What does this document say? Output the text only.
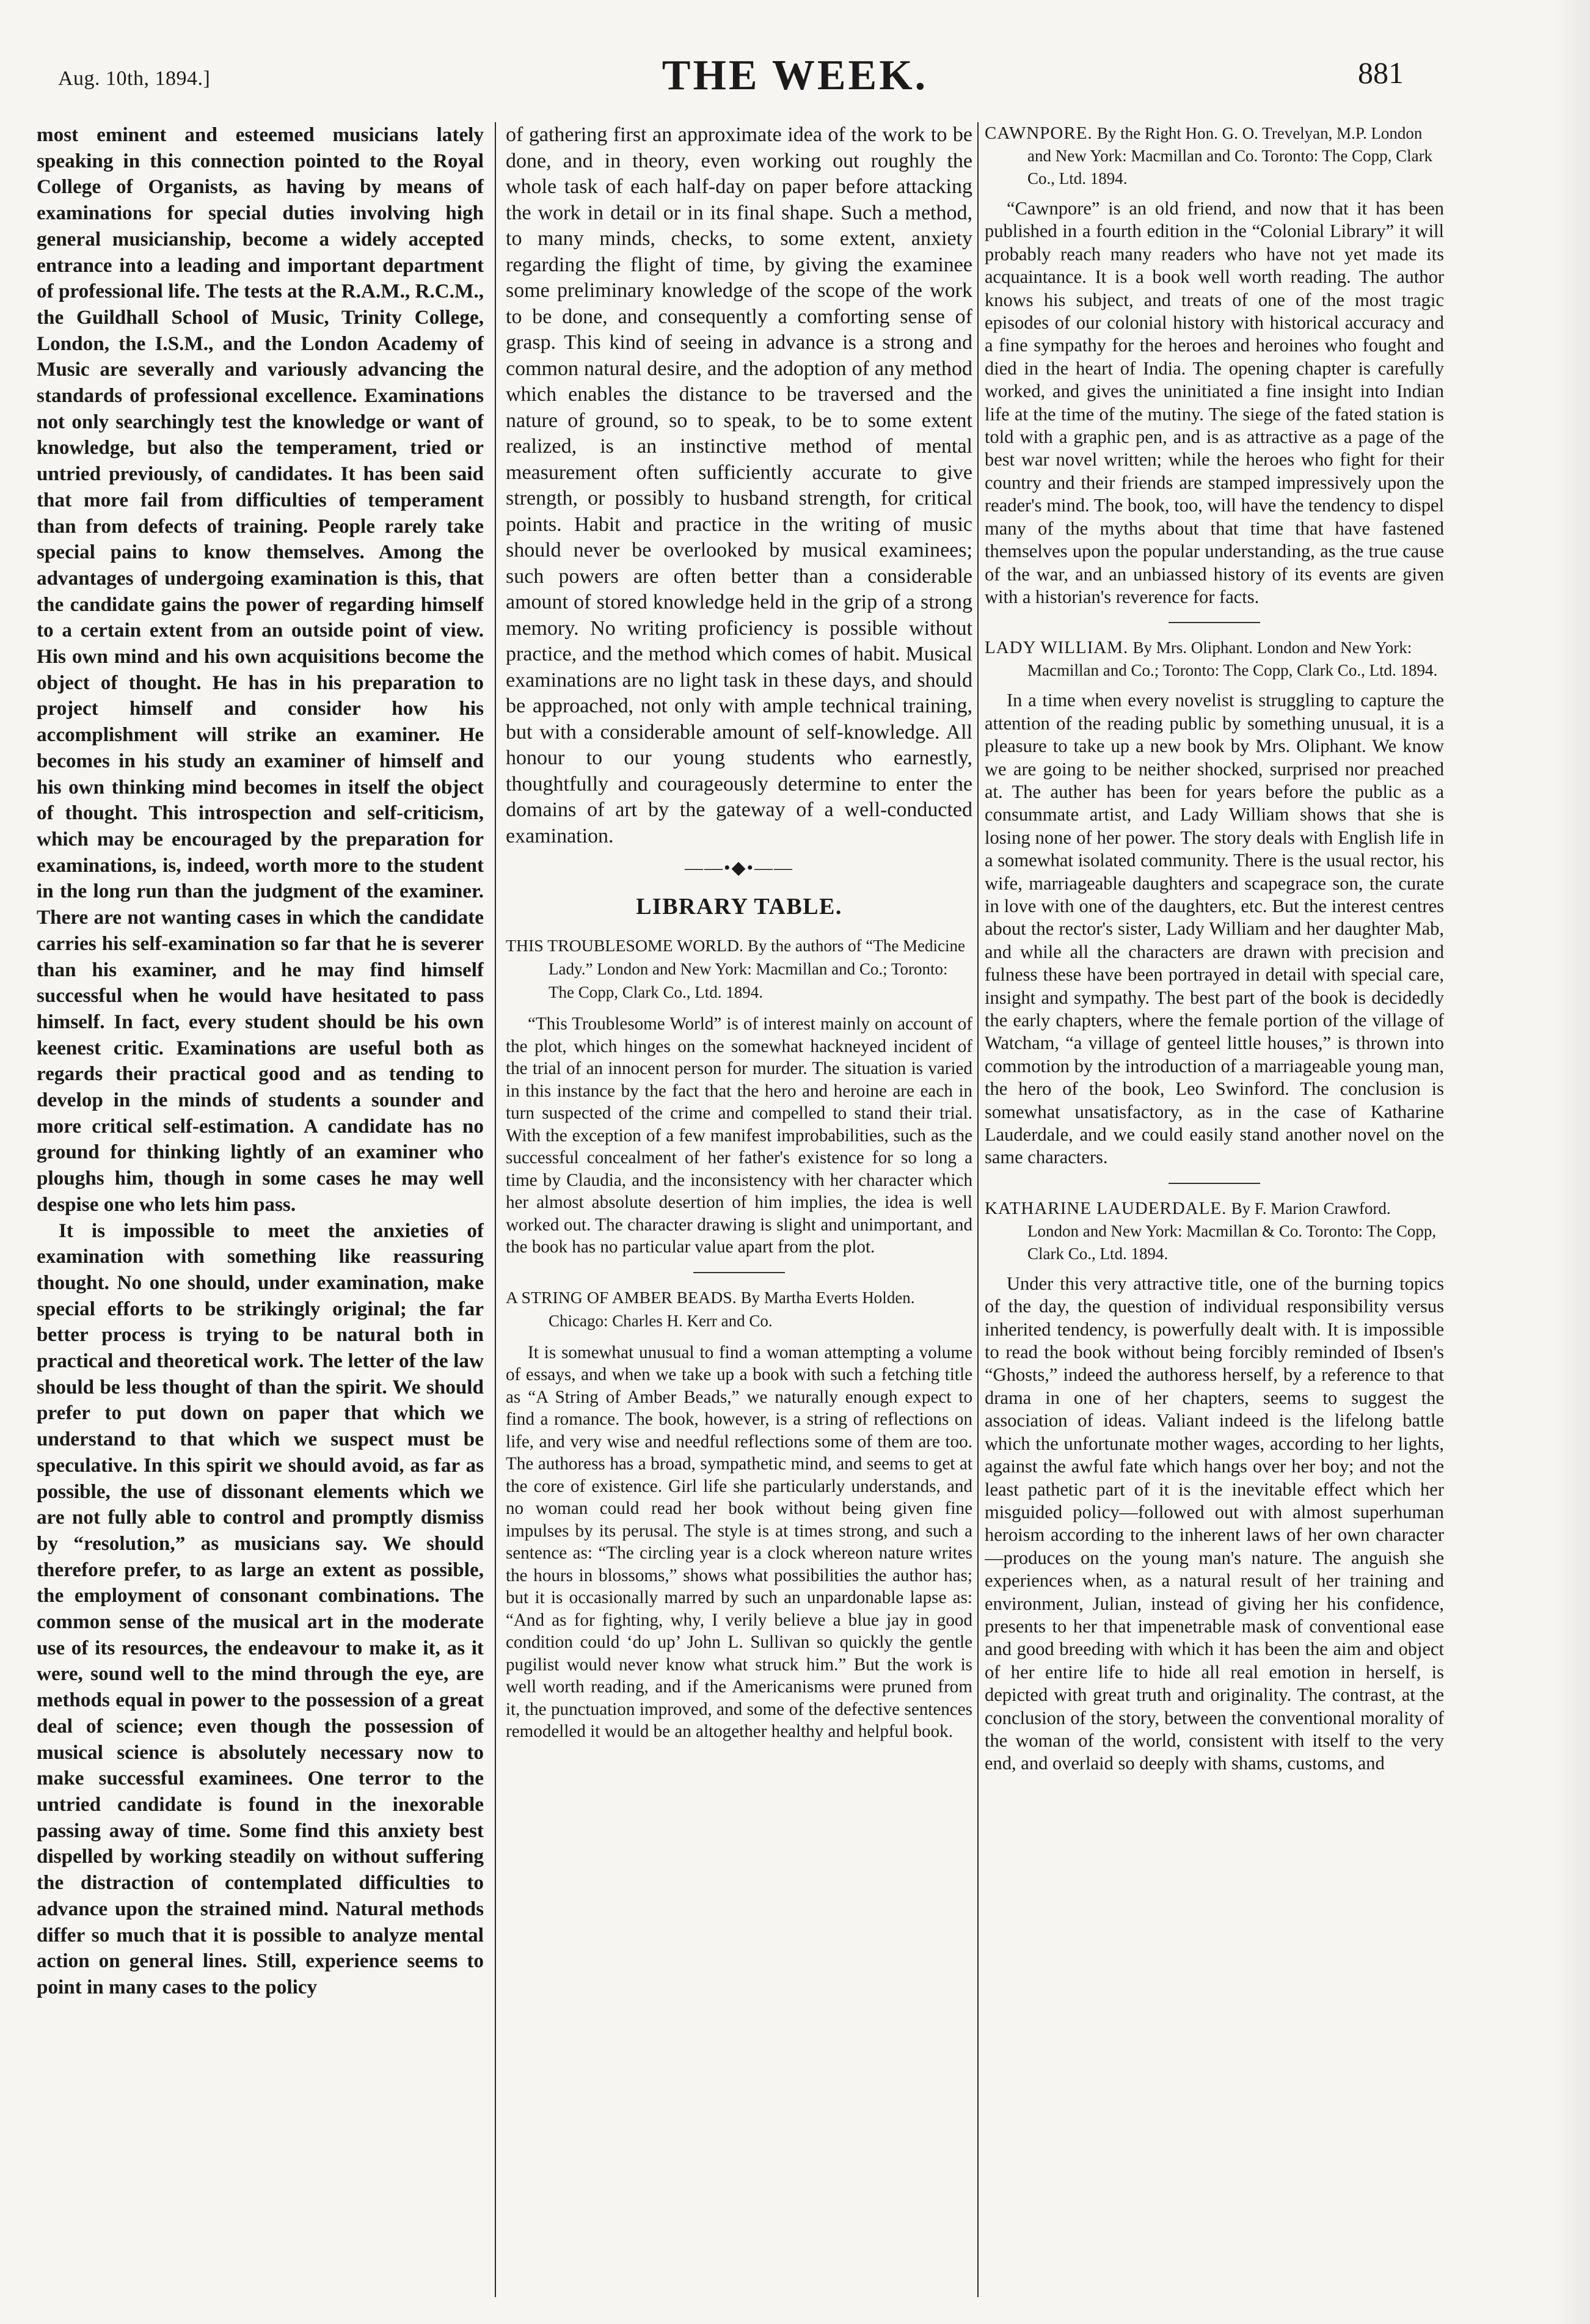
Aug. 10th, 1894.]	THE WEEK.	881

most eminent and esteemed musicians lately speaking in this connection pointed to the Royal College of Organists, as having by means of examinations for special duties involving high general musicianship, become a widely accepted entrance into a leading and important department of professional life. The tests at the R.A.M., R.C.M., the Guildhall School of Music, Trinity College, London, the I.S.M., and the London Academy of Music are severally and variously advancing the standards of professional excellence. Examinations not only searchingly test the knowledge or want of knowledge, but also the temperament, tried or untried previously, of candidates. It has been said that more fail from difficulties of temperament than from defects of training. People rarely take special pains to know themselves. Among the advantages of undergoing examination is this, that the candidate gains the power of regarding himself to a certain extent from an outside point of view. His own mind and his own acquisitions become the object of thought. He has in his preparation to project himself and consider how his accomplishment will strike an examiner. He becomes in his study an examiner of himself and his own thinking mind becomes in itself the object of thought. This introspection and self-criticism, which may be encouraged by the preparation for examinations, is, indeed, worth more to the student in the long run than the judgment of the examiner. There are not wanting cases in which the candidate carries his self-examination so far that he is severer than his examiner, and he may find himself successful when he would have hesitated to pass himself. In fact, every student should be his own keenest critic. Examinations are useful both as regards their practical good and as tending to develop in the minds of students a sounder and more critical self-estimation. A candidate has no ground for thinking lightly of an examiner who ploughs him, though in some cases he may well despise one who lets him pass.

It is impossible to meet the anxieties of examination with something like reassuring thought. No one should, under examination, make special efforts to be strikingly original; the far better process is trying to be natural both in practical and theoretical work. The letter of the law should be less thought of than the spirit. We should prefer to put down on paper that which we understand to that which we suspect must be speculative. In this spirit we should avoid, as far as possible, the use of dissonant elements which we are not fully able to control and promptly dismiss by “resolution,” as musicians say. We should therefore prefer, to as large an extent as possible, the employment of consonant combinations. The common sense of the musical art in the moderate use of its resources, the endeavour to make it, as it were, sound well to the mind through the eye, are methods equal in power to the possession of a great deal of science; even though the possession of musical science is absolutely necessary now to make successful examinees. One terror to the untried candidate is found in the inexorable passing away of time. Some find this anxiety best dispelled by working steadily on without suffering the distraction of contemplated difficulties to advance upon the strained mind. Natural methods differ so much that it is possible to analyze mental action on general lines. Still, experience seems to point in many cases to the policy

of gathering first an approximate idea of the work to be done, and in theory, even working out roughly the whole task of each half-day on paper before attacking the work in detail or in its final shape. Such a method, to many minds, checks, to some extent, anxiety regarding the flight of time, by giving the examinee some preliminary knowledge of the scope of the work to be done, and consequently a comforting sense of grasp. This kind of seeing in advance is a strong and common natural desire, and the adoption of any method which enables the distance to be traversed and the nature of ground, so to speak, to be to some extent realized, is an instinctive method of mental measurement often sufficiently accurate to give strength, or possibly to husband strength, for critical points. Habit and practice in the writing of music should never be overlooked by musical examinees; such powers are often better than a considerable amount of stored knowledge held in the grip of a strong memory. No writing proficiency is possible without practice, and the method which comes of habit. Musical examinations are no light task in these days, and should be approached, not only with ample technical training, but with a considerable amount of self-knowledge. All honour to our young students who earnestly, thoughtfully and courageously determine to enter the domains of art by the gateway of a well-conducted examination.

——•◆•——
LIBRARY TABLE.
THIS TROUBLESOME WORLD. By the authors of “The Medicine Lady.” London and New York: Macmillan and Co.; Toronto: The Copp, Clark Co., Ltd. 1894.

“This Troublesome World” is of interest mainly on account of the plot, which hinges on the somewhat hackneyed incident of the trial of an innocent person for murder. The situation is varied in this instance by the fact that the hero and heroine are each in turn suspected of the crime and compelled to stand their trial. With the exception of a few manifest improbabilities, such as the successful concealment of her father's existence for so long a time by Claudia, and the inconsistency with her character which her almost absolute desertion of him implies, the idea is well worked out. The character drawing is slight and unimportant, and the book has no particular value apart from the plot.

A STRING OF AMBER BEADS. By Martha Everts Holden. Chicago: Charles H. Kerr and Co.

It is somewhat unusual to find a woman attempting a volume of essays, and when we take up a book with such a fetching title as “A String of Amber Beads,” we naturally enough expect to find a romance. The book, however, is a string of reflections on life, and very wise and needful reflections some of them are too. The authoress has a broad, sympathetic mind, and seems to get at the core of existence. Girl life she particularly understands, and no woman could read her book without being given fine impulses by its perusal. The style is at times strong, and such a sentence as: “The circling year is a clock whereon nature writes the hours in blossoms,” shows what possibilities the author has; but it is occasionally marred by such an unpardonable lapse as: “And as for fighting, why, I verily believe a blue jay in good condition could ‘do up’ John L. Sullivan so quickly the gentle pugilist would never know what struck him.” But the work is well worth reading, and if the Americanisms were pruned from it, the punctuation improved, and some of the defective sentences remodelled it would be an altogether healthy and helpful book.

CAWNPORE. By the Right Hon. G. O. Trevelyan, M.P. London and New York: Macmillan and Co. Toronto: The Copp, Clark Co., Ltd. 1894.

“Cawnpore” is an old friend, and now that it has been published in a fourth edition in the “Colonial Library” it will probably reach many readers who have not yet made its acquaintance. It is a book well worth reading. The author knows his subject, and treats of one of the most tragic episodes of our colonial history with historical accuracy and a fine sympathy for the heroes and heroines who fought and died in the heart of India. The opening chapter is carefully worked, and gives the uninitiated a fine insight into Indian life at the time of the mutiny. The siege of the fated station is told with a graphic pen, and is as attractive as a page of the best war novel written; while the heroes who fight for their country and their friends are stamped impressively upon the reader's mind. The book, too, will have the tendency to dispel many of the myths about that time that have fastened themselves upon the popular understanding, as the true cause of the war, and an unbiassed history of its events are given with a historian's reverence for facts.

LADY WILLIAM. By Mrs. Oliphant. London and New York: Macmillan and Co.; Toronto: The Copp, Clark Co., Ltd. 1894.

In a time when every novelist is struggling to capture the attention of the reading public by something unusual, it is a pleasure to take up a new book by Mrs. Oliphant. We know we are going to be neither shocked, surprised nor preached at. The auther has been for years before the public as a consummate artist, and Lady William shows that she is losing none of her power. The story deals with English life in a somewhat isolated community. There is the usual rector, his wife, marriageable daughters and scapegrace son, the curate in love with one of the daughters, etc. But the interest centres about the rector's sister, Lady William and her daughter Mab, and while all the characters are drawn with precision and fulness these have been portrayed in detail with special care, insight and sympathy. The best part of the book is decidedly the early chapters, where the female portion of the village of Watcham, “a village of genteel little houses,” is thrown into commotion by the introduction of a marriageable young man, the hero of the book, Leo Swinford. The conclusion is somewhat unsatisfactory, as in the case of Katharine Lauderdale, and we could easily stand another novel on the same characters.

KATHARINE LAUDERDALE. By F. Marion Crawford. London and New York: Macmillan & Co. Toronto: The Copp, Clark Co., Ltd. 1894.

Under this very attractive title, one of the burning topics of the day, the question of individual responsibility versus inherited tendency, is powerfully dealt with. It is impossible to read the book without being forcibly reminded of Ibsen's “Ghosts,” indeed the authoress herself, by a reference to that drama in one of her chapters, seems to suggest the association of ideas. Valiant indeed is the lifelong battle which the unfortunate mother wages, according to her lights, against the awful fate which hangs over her boy; and not the least pathetic part of it is the inevitable effect which her misguided policy—followed out with almost superhuman heroism according to the inherent laws of her own character—produces on the young man's nature. The anguish she experiences when, as a natural result of her training and environment, Julian, instead of giving her his confidence, presents to her that impenetrable mask of conventional ease and good breeding with which it has been the aim and object of her entire life to hide all real emotion in herself, is depicted with great truth and originality. The contrast, at the conclusion of the story, between the conventional morality of the woman of the world, consistent with itself to the very end, and overlaid so deeply with shams, customs, and
